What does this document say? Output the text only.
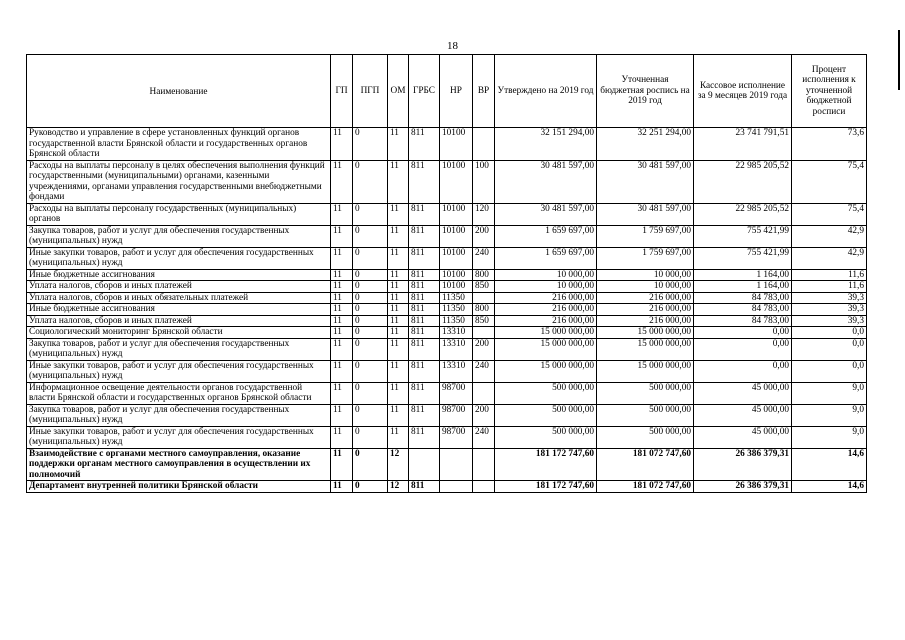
18
Наименование	ГП	ПГП	ОМ	ГРБС	НР	ВР	Утверждено на 2019 год	Уточненная бюджетная роспись на 2019 год	Кассовое исполнение за 9 месяцев 2019 года	Процент исполнения к уточненной бюджетной росписи
Руководство и управление в сфере установленных функций органов государственной власти Брянской области и государственных органов Брянской области	11	0	11	811	10100		32 151 294,00	32 251 294,00	23 741 791,51	73,6
Расходы на выплаты персоналу в целях обеспечения выполнения функций государственными (муниципальными) органами, казенными учреждениями, органами управления государственными внебюджетными фондами	11	0	11	811	10100	100	30 481 597,00	30 481 597,00	22 985 205,52	75,4
Расходы на выплаты персоналу государственных (муниципальных) органов	11	0	11	811	10100	120	30 481 597,00	30 481 597,00	22 985 205,52	75,4
Закупка товаров, работ и услуг для обеспечения государственных (муниципальных) нужд	11	0	11	811	10100	200	1 659 697,00	1 759 697,00	755 421,99	42,9
Иные закупки товаров, работ и услуг для обеспечения государственных (муниципальных) нужд	11	0	11	811	10100	240	1 659 697,00	1 759 697,00	755 421,99	42,9
Иные бюджетные ассигнования	11	0	11	811	10100	800	10 000,00	10 000,00	1 164,00	11,6
Уплата налогов, сборов и иных платежей	11	0	11	811	10100	850	10 000,00	10 000,00	1 164,00	11,6
Уплата налогов, сборов и иных обязательных платежей	11	0	11	811	11350		216 000,00	216 000,00	84 783,00	39,3
Иные бюджетные ассигнования	11	0	11	811	11350	800	216 000,00	216 000,00	84 783,00	39,3
Уплата налогов, сборов и иных платежей	11	0	11	811	11350	850	216 000,00	216 000,00	84 783,00	39,3
Социологический мониторинг Брянской области	11	0	11	811	13310		15 000 000,00	15 000 000,00	0,00	0,0
Закупка товаров, работ и услуг для обеспечения государственных (муниципальных) нужд	11	0	11	811	13310	200	15 000 000,00	15 000 000,00	0,00	0,0
Иные закупки товаров, работ и услуг для обеспечения государственных (муниципальных) нужд	11	0	11	811	13310	240	15 000 000,00	15 000 000,00	0,00	0,0
Информационное освещение деятельности органов государственной власти Брянской области и государственных органов Брянской области	11	0	11	811	98700		500 000,00	500 000,00	45 000,00	9,0
Закупка товаров, работ и услуг для обеспечения государственных (муниципальных) нужд	11	0	11	811	98700	200	500 000,00	500 000,00	45 000,00	9,0
Иные закупки товаров, работ и услуг для обеспечения государственных (муниципальных) нужд	11	0	11	811	98700	240	500 000,00	500 000,00	45 000,00	9,0
Взаимодействие с органами местного самоуправления, оказание поддержки органам местного самоуправления в осуществлении их полномочий	11	0	12				181 172 747,60	181 072 747,60	26 386 379,31	14,6
Департамент внутренней политики Брянской области	11	0	12	811			181 172 747,60	181 072 747,60	26 386 379,31	14,6
